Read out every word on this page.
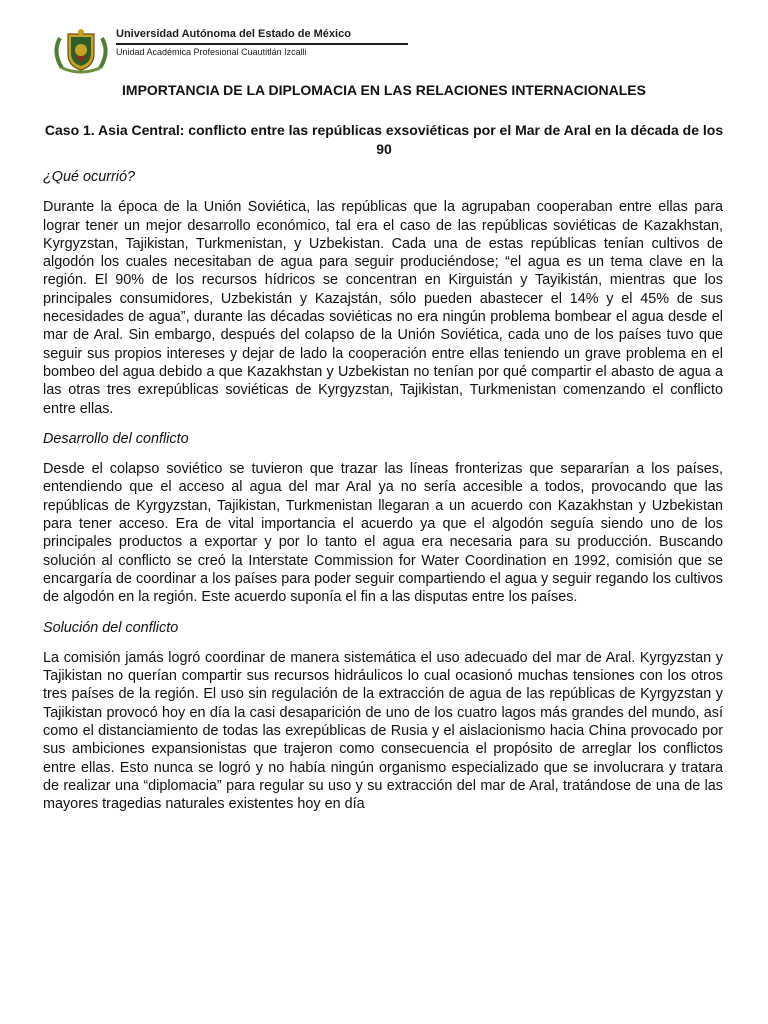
Universidad Autónoma del Estado de México
Unidad Académica Profesional Cuautitlán Izcalli
IMPORTANCIA DE LA DIPLOMACIA EN LAS RELACIONES INTERNACIONALES
Caso 1. Asia Central: conflicto entre las repúblicas exsoviéticas por el Mar de Aral en la década de los 90

¿Qué ocurrió?

Durante la época de la Unión Soviética, las repúblicas que la agrupaban cooperaban entre ellas para lograr tener un mejor desarrollo económico, tal era el caso de las repúblicas soviéticas de Kazakhstan, Kyrgyzstan, Tajikistan, Turkmenistan, y Uzbekistan. Cada una de estas repúblicas tenían cultivos de algodón los cuales necesitaban de agua para seguir produciéndose; “el agua es un tema clave en la región. El 90% de los recursos hídricos se concentran en Kirguistán y Tayikistán, mientras que los principales consumidores, Uzbekistán y Kazajstán, sólo pueden abastecer el 14% y el 45% de sus necesidades de agua”, durante las décadas soviéticas no era ningún problema bombear el agua desde el mar de Aral. Sin embargo, después del colapso de la Unión Soviética, cada uno de los países tuvo que seguir sus propios intereses y dejar de lado la cooperación entre ellas teniendo un grave problema en el bombeo del agua debido a que Kazakhstan y Uzbekistan no tenían por qué compartir el abasto de agua a las otras tres exrepúblicas soviéticas de Kyrgyzstan, Tajikistan, Turkmenistan comenzando el conflicto entre ellas.

Desarrollo del conflicto

Desde el colapso soviético se tuvieron que trazar las líneas fronterizas que separarían a los países, entendiendo que el acceso al agua del mar Aral ya no sería accesible a todos, provocando que las repúblicas de Kyrgyzstan, Tajikistan, Turkmenistan llegaran a un acuerdo con Kazakhstan y Uzbekistan para tener acceso. Era de vital importancia el acuerdo ya que el algodón seguía siendo uno de los principales productos a exportar y por lo tanto el agua era necesaria para su producción. Buscando solución al conflicto se creó la Interstate Commission for Water Coordination en 1992, comisión que se encargaría de coordinar a los países para poder seguir compartiendo el agua y seguir regando los cultivos de algodón en la región. Este acuerdo suponía el fin a las disputas entre los países.

Solución del conflicto

La comisión jamás logró coordinar de manera sistemática el uso adecuado del mar de Aral. Kyrgyzstan y Tajikistan no querían compartir sus recursos hidráulicos lo cual ocasionó muchas tensiones con los otros tres países de la región. El uso sin regulación de la extracción de agua de las repúblicas de Kyrgyzstan y Tajikistan provocó hoy en día la casi desaparición de uno de los cuatro lagos más grandes del mundo, así como el distanciamiento de todas las exrepúblicas de Rusia y el aislacionismo hacia China provocado por sus ambiciones expansionistas que trajeron como consecuencia el propósito de arreglar los conflictos entre ellas. Esto nunca se logró y no había ningún organismo especializado que se involucrara y tratara de realizar una “diplomacia” para regular su uso y su extracción del mar de Aral, tratándose de una de las mayores tragedias naturales existentes hoy en día
